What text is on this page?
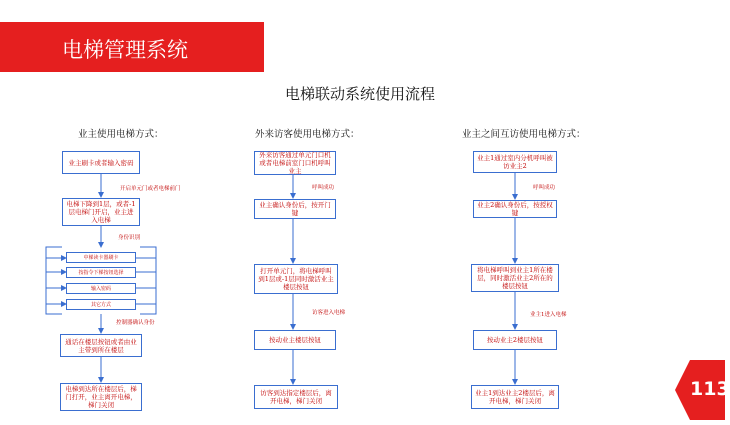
电梯管理系统
电梯联动系统使用流程
业主使用电梯方式：	外来访客使用电梯方式：	业主之间互访使用电梯方式：
业主刷卡或者输入密码
开启单元门或者电梯前门
电梯下降到1层，或者-1层电梯门开启，业主进入电梯
身份识别
中梯读卡器刷卡
按指令下梯按钮选择
输入密码
其它方式
控制器确认身份
通话在楼层按钮或者由业主带到所在楼层
电梯到达所在楼层后，梯门打开，业主离开电梯，梯门关闭
外来访客通过单元门口机或者电梯前室门口机呼叫业主
呼叫成功
业主确认身份后，按开门键
打开单元门，将电梯呼叫到1层或-1层同时激活业主楼层按钮
访客进入电梯
按动业主楼层按钮
访客到达指定楼层后，离开电梯，梯门关闭
业主1通过室内分机呼叫被访业主2
呼叫成功
业主2确认身份后，按授权键
将电梯呼叫到业主1所在楼层，同时激活业主2所在的楼层按钮
业主1进入电梯
按动业主2楼层按钮
业主1到达业主2楼层后，离开电梯，梯门关闭
113
